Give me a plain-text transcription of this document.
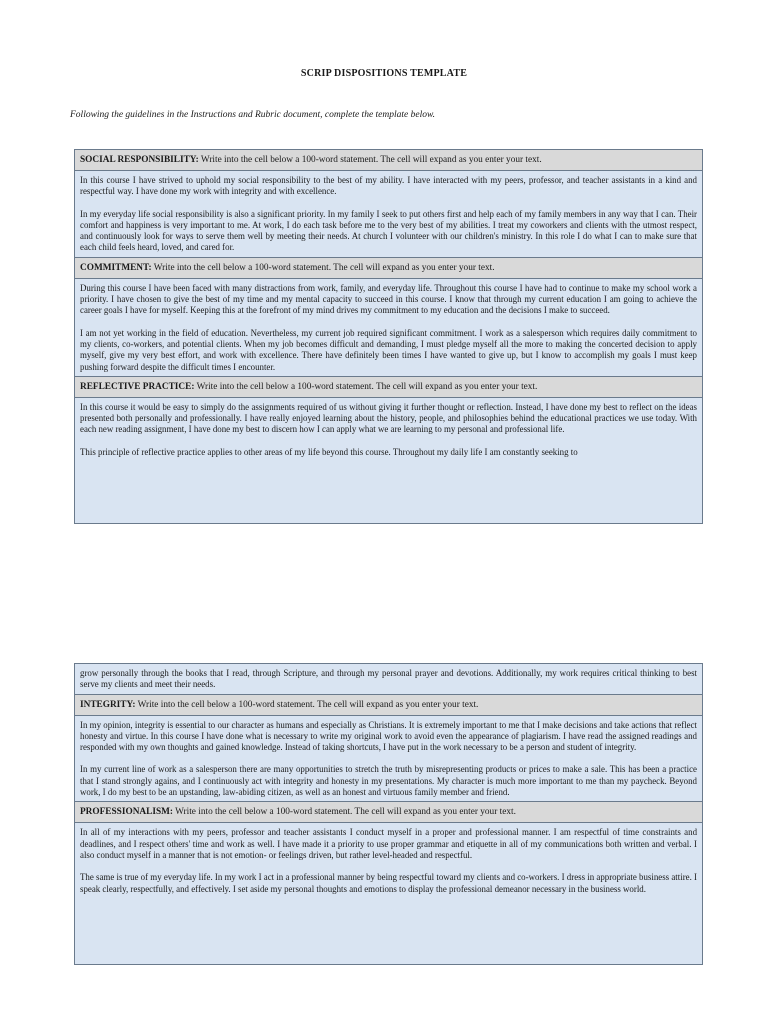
SCRIP DISPOSITIONS TEMPLATE
Following the guidelines in the Instructions and Rubric document, complete the template below.
SOCIAL RESPONSIBILITY: Write into the cell below a 100-word statement. The cell will expand as you enter your text.

In this course I have strived to uphold my social responsibility to the best of my ability. I have interacted with my peers, professor, and teacher assistants in a kind and respectful way. I have done my work with integrity and with excellence.

In my everyday life social responsibility is also a significant priority. In my family I seek to put others first and help each of my family members in any way that I can. Their comfort and happiness is very important to me. At work, I do each task before me to the very best of my abilities. I treat my coworkers and clients with the utmost respect, and continuously look for ways to serve them well by meeting their needs. At church I volunteer with our children's ministry. In this role I do what I can to make sure that each child feels heard, loved, and cared for.

COMMITMENT: Write into the cell below a 100-word statement. The cell will expand as you enter your text.

During this course I have been faced with many distractions from work, family, and everyday life. Throughout this course I have had to continue to make my school work a priority. I have chosen to give the best of my time and my mental capacity to succeed in this course. I know that through my current education I am going to achieve the career goals I have for myself. Keeping this at the forefront of my mind drives my commitment to my education and the decisions I make to succeed.

I am not yet working in the field of education. Nevertheless, my current job required significant commitment. I work as a salesperson which requires daily commitment to my clients, co-workers, and potential clients. When my job becomes difficult and demanding, I must pledge myself all the more to making the concerted decision to apply myself, give my very best effort, and work with excellence. There have definitely been times I have wanted to give up, but I know to accomplish my goals I must keep pushing forward despite the difficult times I encounter.

REFLECTIVE PRACTICE: Write into the cell below a 100-word statement. The cell will expand as you enter your text.

In this course it would be easy to simply do the assignments required of us without giving it further thought or reflection. Instead, I have done my best to reflect on the ideas presented both personally and professionally. I have really enjoyed learning about the history, people, and philosophies behind the educational practices we use today. With each new reading assignment, I have done my best to discern how I can apply what we are learning to my personal and professional life.

This principle of reflective practice applies to other areas of my life beyond this course. Throughout my daily life I am constantly seeking to

grow personally through the books that I read, through Scripture, and through my personal prayer and devotions. Additionally, my work requires critical thinking to best serve my clients and meet their needs.

INTEGRITY: Write into the cell below a 100-word statement. The cell will expand as you enter your text.

In my opinion, integrity is essential to our character as humans and especially as Christians. It is extremely important to me that I make decisions and take actions that reflect honesty and virtue. In this course I have done what is necessary to write my original work to avoid even the appearance of plagiarism. I have read the assigned readings and responded with my own thoughts and gained knowledge. Instead of taking shortcuts, I have put in the work necessary to be a person and student of integrity.

In my current line of work as a salesperson there are many opportunities to stretch the truth by misrepresenting products or prices to make a sale. This has been a practice that I stand strongly agains, and I continuously act with integrity and honesty in my presentations. My character is much more important to me than my paycheck. Beyond work, I do my best to be an upstanding, law-abiding citizen, as well as an honest and virtuous family member and friend.

PROFESSIONALISM: Write into the cell below a 100-word statement. The cell will expand as you enter your text.

In all of my interactions with my peers, professor and teacher assistants I conduct myself in a proper and professional manner. I am respectful of time constraints and deadlines, and I respect others' time and work as well. I have made it a priority to use proper grammar and etiquette in all of my communications both written and verbal. I also conduct myself in a manner that is not emotion- or feelings driven, but rather level-headed and respectful.

The same is true of my everyday life. In my work I act in a professional manner by being respectful toward my clients and co-workers. I dress in appropriate business attire. I speak clearly, respectfully, and effectively. I set aside my personal thoughts and emotions to display the professional demeanor necessary in the business world.
